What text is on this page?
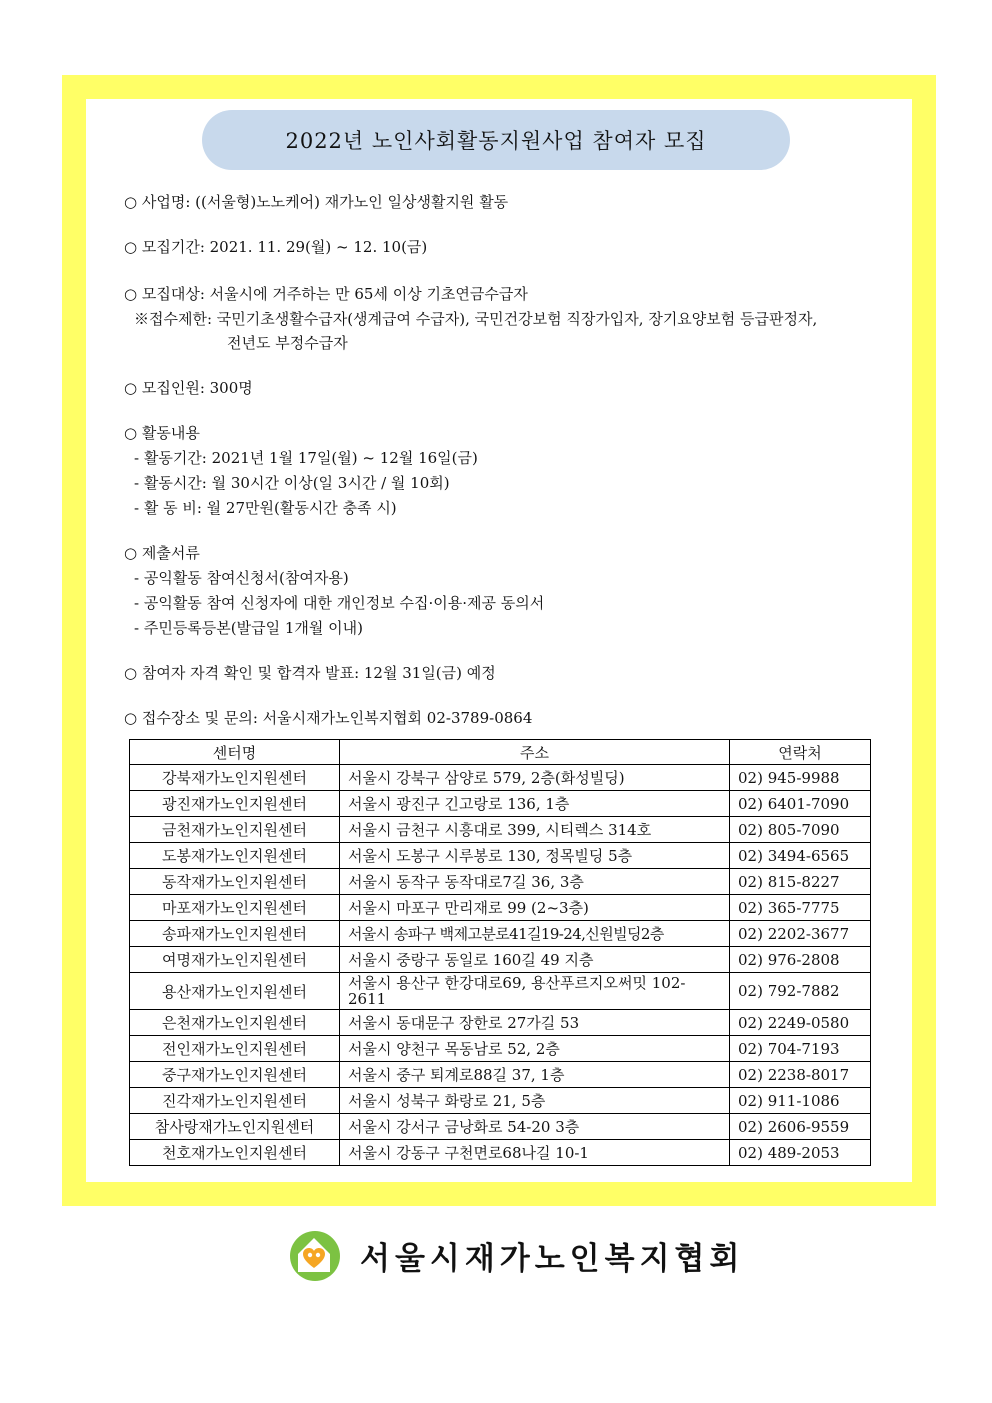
2022년 노인사회활동지원사업 참여자 모집
○ 사업명: ((서울형)노노케어) 재가노인 일상생활지원 활동
○ 모집기간: 2021. 11. 29(월) ~ 12. 10(금)
○ 모집대상: 서울시에 거주하는 만 65세 이상 기초연금수급자
※접수제한: 국민기초생활수급자(생계급여 수급자), 국민건강보험 직장가입자, 장기요양보험 등급판정자,
전년도 부정수급자
○ 모집인원: 300명
○ 활동내용
- 활동기간: 2021년 1월 17일(월) ~ 12월 16일(금)
- 활동시간: 월 30시간 이상(일 3시간 / 월 10회)
- 활 동 비: 월 27만원(활동시간 충족 시)
○ 제출서류
- 공익활동 참여신청서(참여자용)
- 공익활동 참여 신청자에 대한 개인정보 수집·이용·제공 동의서
- 주민등록등본(발급일 1개월 이내)
○ 참여자 자격 확인 및 합격자 발표: 12월 31일(금) 예정
○ 접수장소 및 문의: 서울시재가노인복지협회 02-3789-0864
센터명	주소	연락처
강북재가노인지원센터	서울시 강북구 삼양로 579, 2층(화성빌딩)	02) 945-9988
광진재가노인지원센터	서울시 광진구 긴고랑로 136, 1층	02) 6401-7090
금천재가노인지원센터	서울시 금천구 시흥대로 399, 시티렉스 314호	02) 805-7090
도봉재가노인지원센터	서울시 도봉구 시루봉로 130, 정목빌딩 5층	02) 3494-6565
동작재가노인지원센터	서울시 동작구 동작대로7길 36, 3층	02) 815-8227
마포재가노인지원센터	서울시 마포구 만리재로 99 (2~3층)	02) 365-7775
송파재가노인지원센터	서울시 송파구 백제고분로41길19-24,신원빌딩2층	02) 2202-3677
여명재가노인지원센터	서울시 중랑구 동일로 160길 49 지층	02) 976-2808
용산재가노인지원센터	서울시 용산구 한강대로69, 용산푸르지오써밋 102-2611	02) 792-7882
은천재가노인지원센터	서울시 동대문구 장한로 27가길 53	02) 2249-0580
전인재가노인지원센터	서울시 양천구 목동남로 52, 2층	02) 704-7193
중구재가노인지원센터	서울시 중구 퇴계로88길 37, 1층	02) 2238-8017
진각재가노인지원센터	서울시 성북구 화랑로 21, 5층	02) 911-1086
참사랑재가노인지원센터	서울시 강서구 금낭화로 54-20 3층	02) 2606-9559
천호재가노인지원센터	서울시 강동구 구천면로68나길 10-1	02) 489-2053
서울시재가노인복지협회
